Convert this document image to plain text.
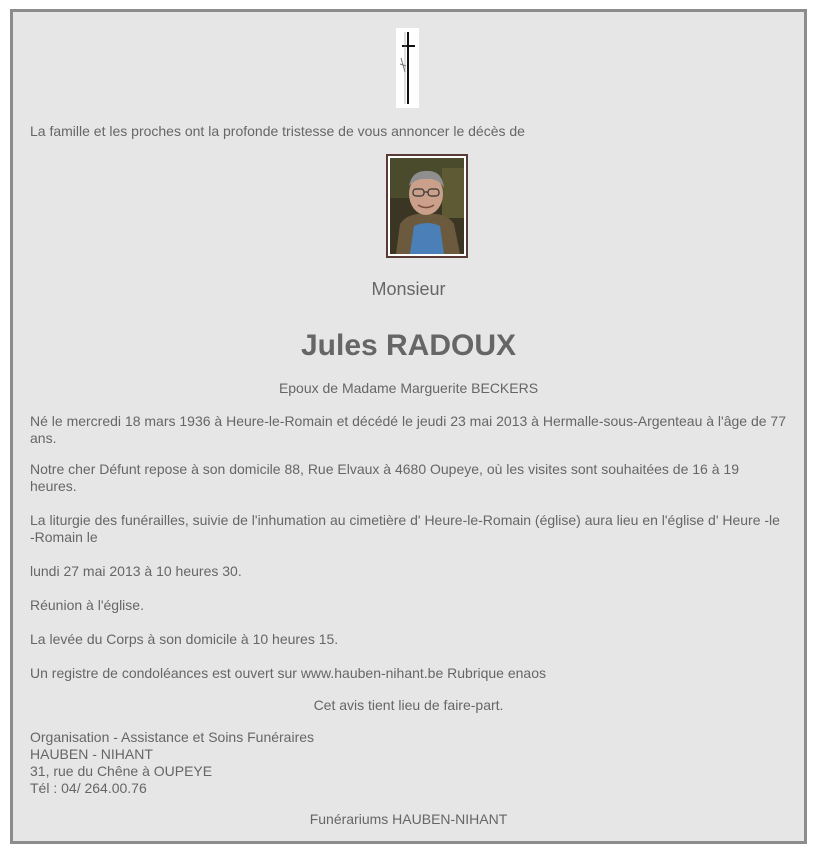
La famille et les proches ont la profonde tristesse de vous annoncer le décès de
Monsieur
Jules RADOUX
Epoux de Madame Marguerite BECKERS
Né le mercredi 18 mars 1936 à Heure-le-Romain et décédé le jeudi 23 mai 2013 à Hermalle-sous-Argenteau à l'âge de 77 ans.
Notre cher Défunt repose à son domicile 88, Rue Elvaux à 4680 Oupeye, où les visites sont souhaitées de 16 à 19 heures.
La liturgie des funérailles, suivie de l'inhumation au cimetière d' Heure-le-Romain (église) aura lieu en l'église d' Heure -le -Romain le
lundi 27 mai 2013 à 10 heures 30.
Réunion à l'église.
La levée du Corps à son domicile à 10 heures 15.
Un registre de condoléances est ouvert sur www.hauben-nihant.be Rubrique enaos
Cet avis tient lieu de faire-part.
Organisation - Assistance et Soins Funéraires
HAUBEN - NIHANT
31, rue du Chêne à OUPEYE
Tél : 04/ 264.00.76
Funérariums HAUBEN-NIHANT
